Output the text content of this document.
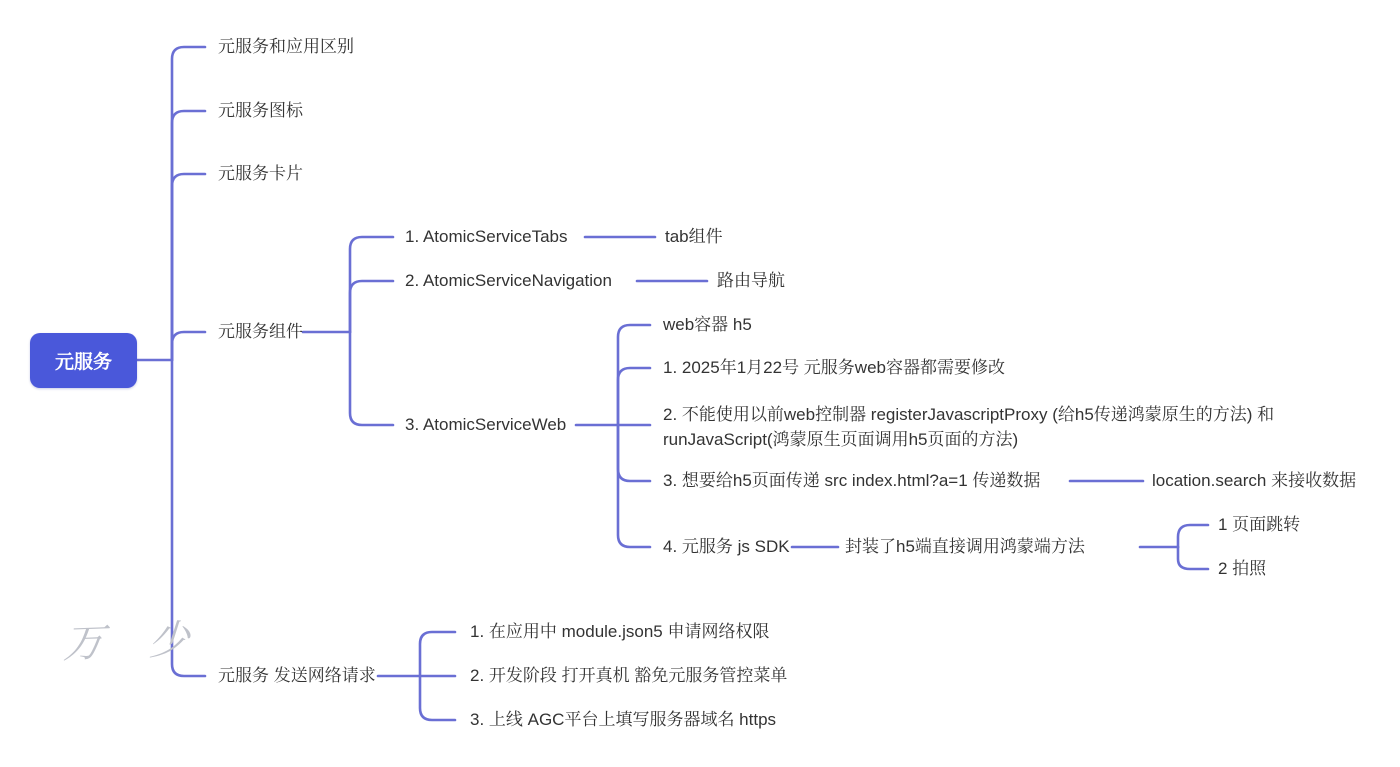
元服务
元服务和应用区别
元服务图标
元服务卡片
元服务组件
元服务 发送网络请求
1. AtomicServiceTabs	tab组件
2. AtomicServiceNavigation	路由导航
3. AtomicServiceWeb
web容器 h5
1. 2025年1月22号 元服务web容器都需要修改
2. 不能使用以前web控制器 registerJavascriptProxy (给h5传递鸿蒙原生的方法) 和
runJavaScript(鸿蒙原生页面调用h5页面的方法)
3. 想要给h5页面传递 src index.html?a=1 传递数据	location.search 来接收数据
4. 元服务 js SDK	封装了h5端直接调用鸿蒙端方法
1 页面跳转
2 拍照
1. 在应用中 module.json5 申请网络权限
2. 开发阶段 打开真机 豁免元服务管控菜单
3. 上线 AGC平台上填写服务器域名 https
万 少
